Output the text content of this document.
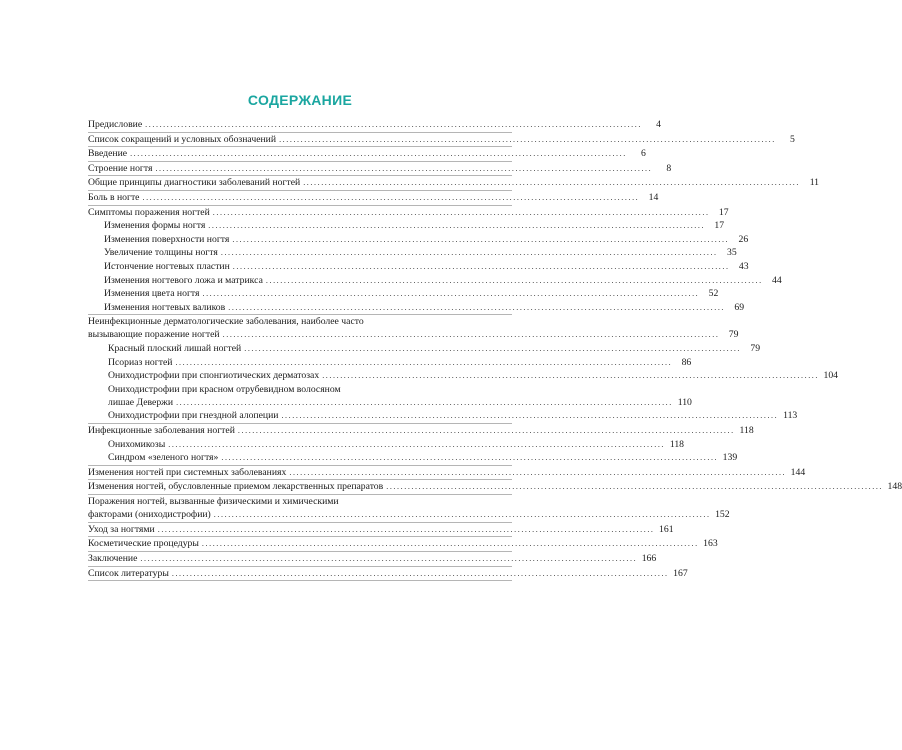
СОДЕРЖАНИЕ
Предисловие ..........................................................................................................................................	4
Список сокращений и условных обозначений ..........................................................................................................................................	5
Введение ..........................................................................................................................................	6
Строение ногтя ..........................................................................................................................................	8
Общие принципы диагностики заболеваний ногтей .......................................................................................................................................... 11
Боль в ногте .......................................................................................................................................... 14
Симптомы поражения ногтей .......................................................................................................................................... 17
Изменения формы ногтя .......................................................................................................................................... 17
Изменения поверхности ногтя .......................................................................................................................................... 26
Увеличение толщины ногтя .......................................................................................................................................... 35
Истончение ногтевых пластин .......................................................................................................................................... 43
Изменения ногтевого ложа и матрикса .......................................................................................................................................... 44
Изменения цвета ногтя .......................................................................................................................................... 52
Изменения ногтевых валиков .......................................................................................................................................... 69
Неинфекционные дерматологические заболевания, наиболее часто
вызывающие поражение ногтей .......................................................................................................................................... 79
Красный плоский лишай ногтей .......................................................................................................................................... 79
Псориаз ногтей .......................................................................................................................................... 86
Ониходистрофии при спонгиотических дерматозах .......................................................................................................................................... 104
Ониходистрофии при красном отрубевидном волосяном
лишае Девержи .......................................................................................................................................... 110
Ониходистрофии при гнездной алопеции .......................................................................................................................................... 113
Инфекционные заболевания ногтей .......................................................................................................................................... 118
Онихомикозы .......................................................................................................................................... 118
Синдром «зеленого ногтя» .......................................................................................................................................... 139
Изменения ногтей при системных заболеваниях .......................................................................................................................................... 144
Изменения ногтей, обусловленные приемом лекарственных препаратов .......................................................................................................................................... 148
Поражения ногтей, вызванные физическими и химическими
факторами (ониходистрофии) .......................................................................................................................................... 152
Уход за ногтями .......................................................................................................................................... 161
Косметические процедуры .......................................................................................................................................... 163
Заключение .......................................................................................................................................... 166
Список литературы .......................................................................................................................................... 167
